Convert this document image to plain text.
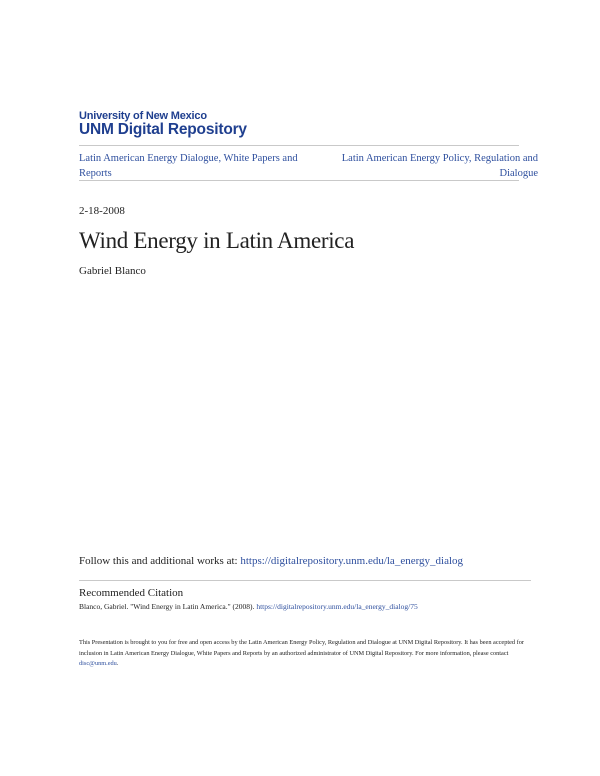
University of New Mexico
UNM Digital Repository
Latin American Energy Dialogue, White Papers and Reports
Latin American Energy Policy, Regulation and Dialogue
2-18-2008
Wind Energy in Latin America
Gabriel Blanco
Follow this and additional works at: https://digitalrepository.unm.edu/la_energy_dialog
Recommended Citation
Blanco, Gabriel. "Wind Energy in Latin America." (2008). https://digitalrepository.unm.edu/la_energy_dialog/75
This Presentation is brought to you for free and open access by the Latin American Energy Policy, Regulation and Dialogue at UNM Digital Repository. It has been accepted for inclusion in Latin American Energy Dialogue, White Papers and Reports by an authorized administrator of UNM Digital Repository. For more information, please contact disc@unm.edu.
